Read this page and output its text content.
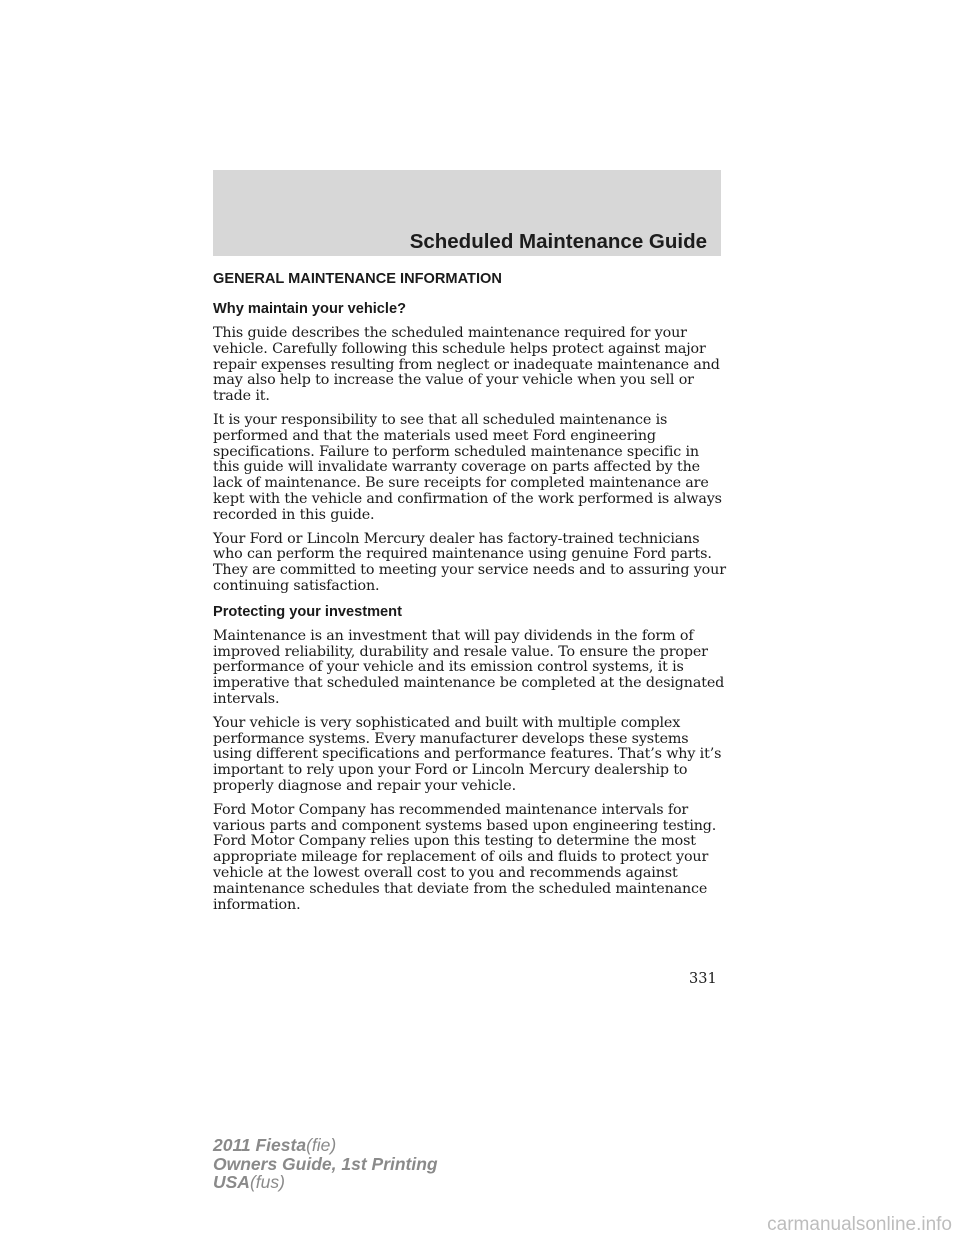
Scheduled Maintenance Guide
GENERAL MAINTENANCE INFORMATION
Why maintain your vehicle?

This guide describes the scheduled maintenance required for your vehicle. Carefully following this schedule helps protect against major repair expenses resulting from neglect or inadequate maintenance and may also help to increase the value of your vehicle when you sell or trade it.

It is your responsibility to see that all scheduled maintenance is performed and that the materials used meet Ford engineering specifications. Failure to perform scheduled maintenance specific in this guide will invalidate warranty coverage on parts affected by the lack of maintenance. Be sure receipts for completed maintenance are kept with the vehicle and confirmation of the work performed is always recorded in this guide.

Your Ford or Lincoln Mercury dealer has factory-trained technicians who can perform the required maintenance using genuine Ford parts. They are committed to meeting your service needs and to assuring your continuing satisfaction.

Protecting your investment

Maintenance is an investment that will pay dividends in the form of improved reliability, durability and resale value. To ensure the proper performance of your vehicle and its emission control systems, it is imperative that scheduled maintenance be completed at the designated intervals.

Your vehicle is very sophisticated and built with multiple complex performance systems. Every manufacturer develops these systems using different specifications and performance features. That’s why it’s important to rely upon your Ford or Lincoln Mercury dealership to properly diagnose and repair your vehicle.

Ford Motor Company has recommended maintenance intervals for various parts and component systems based upon engineering testing. Ford Motor Company relies upon this testing to determine the most appropriate mileage for replacement of oils and fluids to protect your vehicle at the lowest overall cost to you and recommends against maintenance schedules that deviate from the scheduled maintenance information.

331
2011 Fiesta(fie)
Owners Guide, 1st Printing
USA(fus)
carmanualsonline.info
